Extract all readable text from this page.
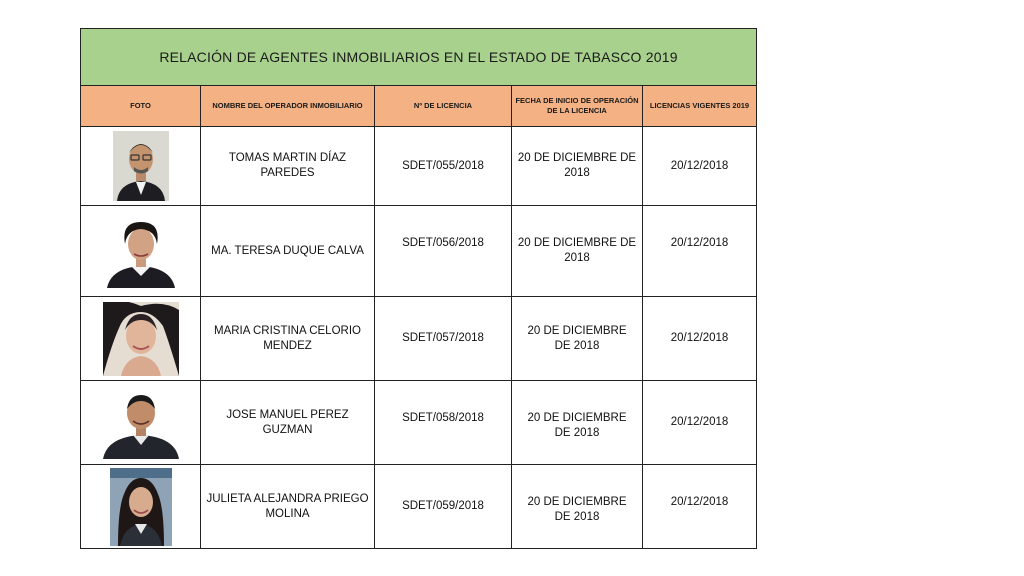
RELACIÓN DE AGENTES INMOBILIARIOS EN EL ESTADO DE TABASCO 2019				
FOTO	NOMBRE DEL OPERADOR INMOBILIARIO	Nº DE LICENCIA	FECHA DE INICIO DE OPERACIÓN DE LA LICENCIA	LICENCIAS VIGENTES 2019

	TOMAS MARTIN DÍAZ PAREDES	SDET/055/2018	20 DE DICIEMBRE DE 2018	20/12/2018

	MA. TERESA DUQUE CALVA	SDET/056/2018	20 DE DICIEMBRE DE 2018	20/12/2018

	MARIA CRISTINA CELORIO MENDEZ	SDET/057/2018	20 DE DICIEMBRE DE 2018	20/12/2018

	JOSE MANUEL PEREZ GUZMAN	SDET/058/2018	20 DE DICIEMBRE DE 2018	20/12/2018

	JULIETA ALEJANDRA PRIEGO MOLINA	SDET/059/2018	20 DE DICIEMBRE DE 2018	20/12/2018
